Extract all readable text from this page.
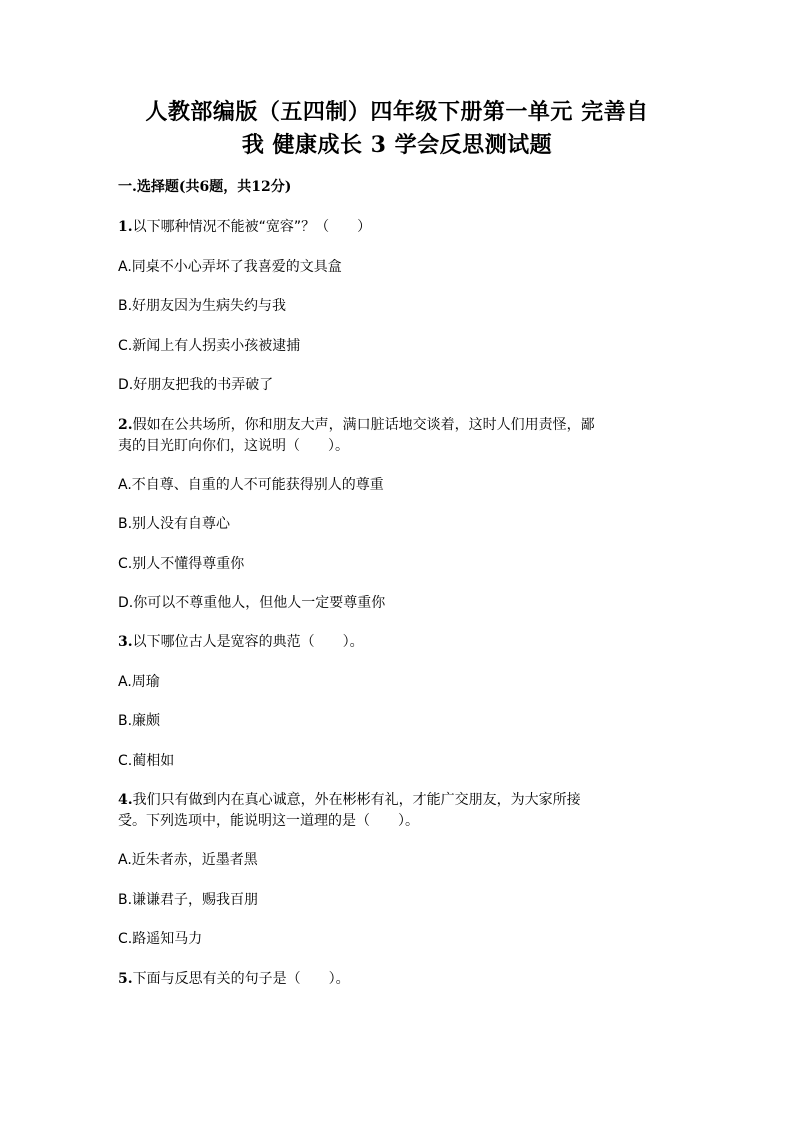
人教部编版（五四制）四年级下册第一单元 完善自
我 健康成长 3 学会反思测试题
一.选择题(共6题，共12分)
1.以下哪种情况不能被“宽容”？（　　）
A.同桌不小心弄坏了我喜爱的文具盒
B.好朋友因为生病失约与我
C.新闻上有人拐卖小孩被逮捕
D.好朋友把我的书弄破了
2.假如在公共场所，你和朋友大声，满口脏话地交谈着，这时人们用责怪，鄙
夷的目光盯向你们，这说明（　　）。
A.不自尊、自重的人不可能获得别人的尊重
B.别人没有自尊心
C.别人不懂得尊重你
D.你可以不尊重他人，但他人一定要尊重你
3.以下哪位古人是宽容的典范（　　）。
A.周瑜
B.廉颇
C.蔺相如
4.我们只有做到内在真心诚意，外在彬彬有礼，才能广交朋友，为大家所接
受。下列选项中，能说明这一道理的是（　　）。
A.近朱者赤，近墨者黑
B.谦谦君子，赐我百朋
C.路遥知马力
5.下面与反思有关的句子是（　　）。
